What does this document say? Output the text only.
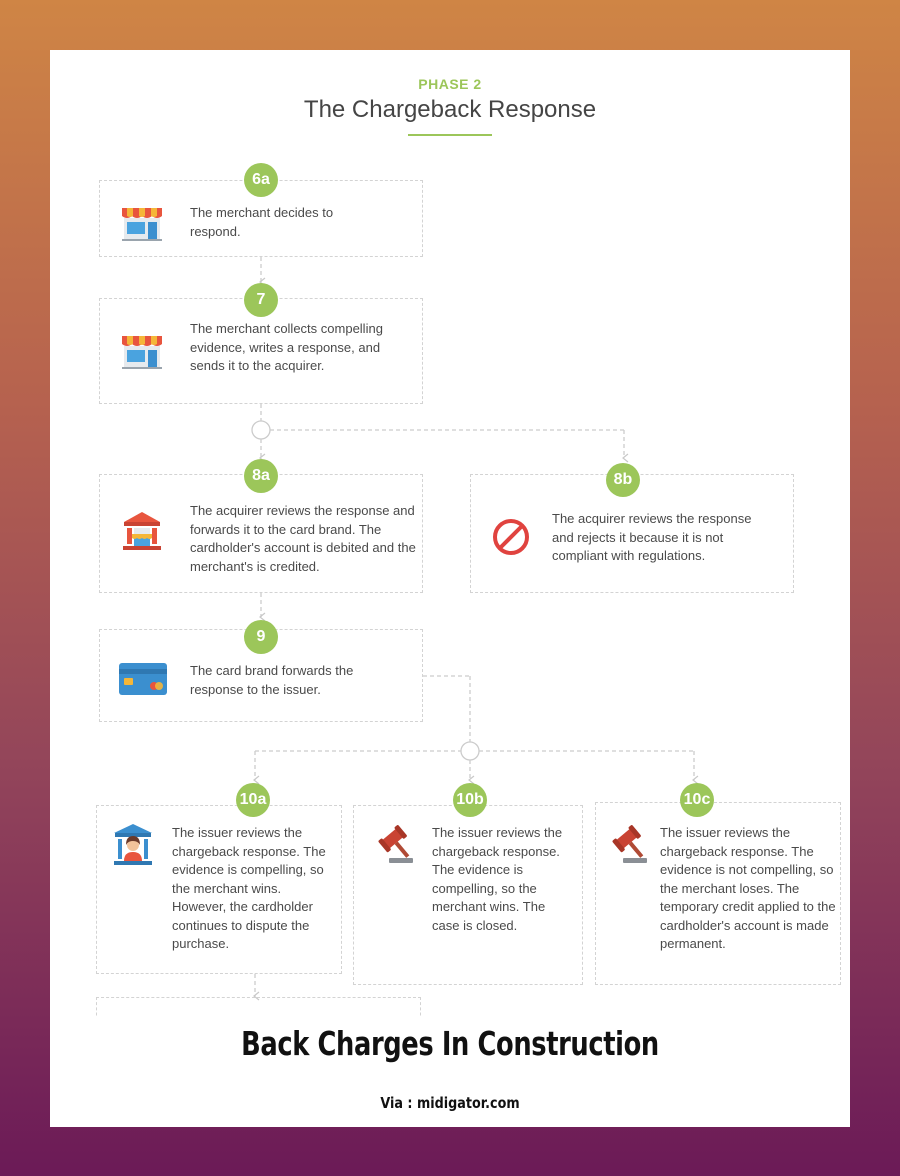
PHASE 2
The Chargeback Response
6a
The merchant decides to respond.
7
The merchant collects compelling evidence, writes a response, and sends it to the acquirer.
8a
The acquirer reviews the response and forwards it to the card brand. The cardholder's account is debited and the merchant's is credited.
8b
The acquirer reviews the response and rejects it because it is not compliant with regulations.
9
The card brand forwards the response to the issuer.
10a
The issuer reviews the chargeback response. The evidence is compelling, so the merchant wins. However, the cardholder continues to dispute the purchase.
10b
The issuer reviews the chargeback response. The evidence is compelling, so the merchant wins. The case is closed.
10c
The issuer reviews the chargeback response. The evidence is not compelling, so the merchant loses. The temporary credit applied to the cardholder's account is made permanent.
Back Charges In Construction
Via : midigator.com
